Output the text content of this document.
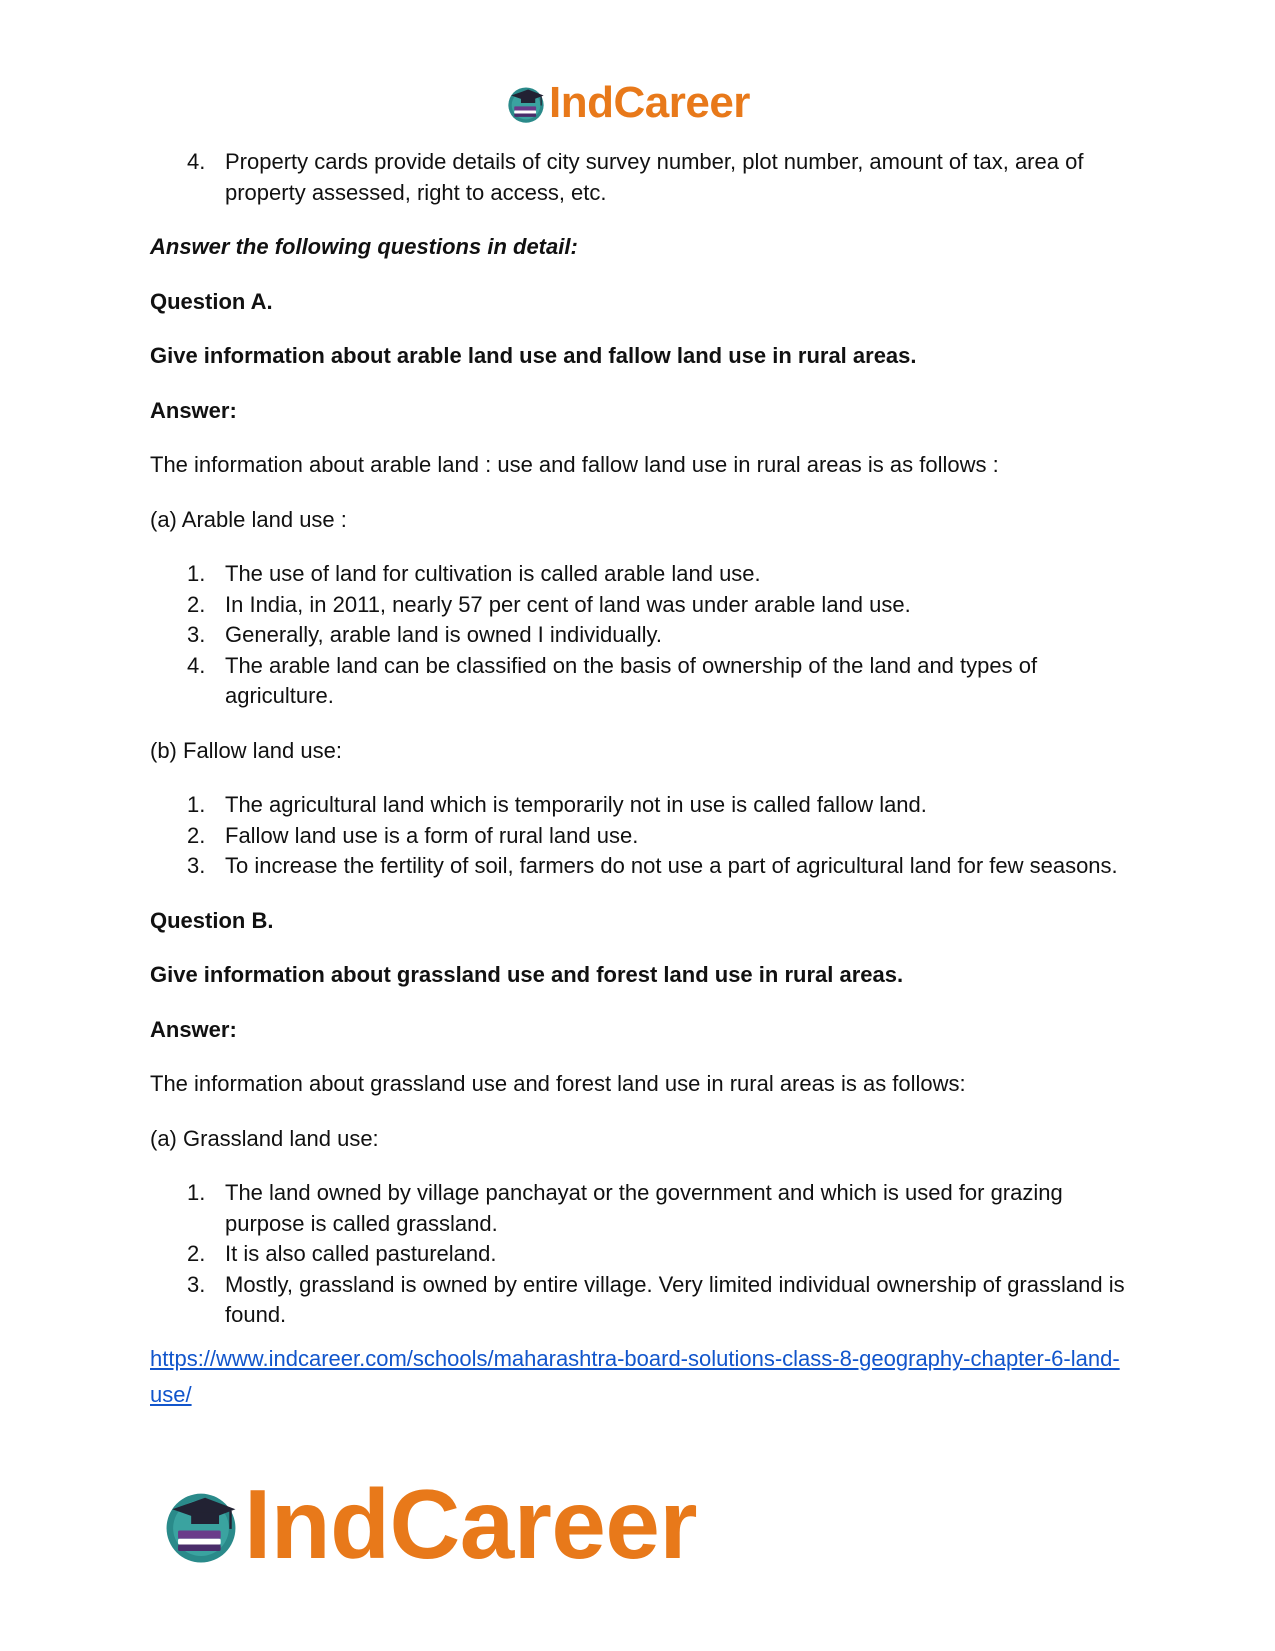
IndCareer
4. Property cards provide details of city survey number, plot number, amount of tax, area of property assessed, right to access, etc.

Answer the following questions in detail:

Question A.

Give information about arable land use and fallow land use in rural areas.

Answer:

The information about arable land : use and fallow land use in rural areas is as follows :

(a) Arable land use :

1. The use of land for cultivation is called arable land use.
2. In India, in 2011, nearly 57 per cent of land was under arable land use.
3. Generally, arable land is owned I individually.
4. The arable land can be classified on the basis of ownership of the land and types of agriculture.

(b) Fallow land use:

1. The agricultural land which is temporarily not in use is called fallow land.
2. Fallow land use is a form of rural land use.
3. To increase the fertility of soil, farmers do not use a part of agricultural land for few seasons.

Question B.

Give information about grassland use and forest land use in rural areas.

Answer:

The information about grassland use and forest land use in rural areas is as follows:

(a) Grassland land use:

1. The land owned by village panchayat or the government and which is used for grazing purpose is called grassland.
2. It is also called pastureland.
3. Mostly, grassland is owned by entire village. Very limited individual ownership of grassland is found.
https://www.indcareer.com/schools/maharashtra-board-solutions-class-8-geography-chapter-6-land-use/
IndCareer
